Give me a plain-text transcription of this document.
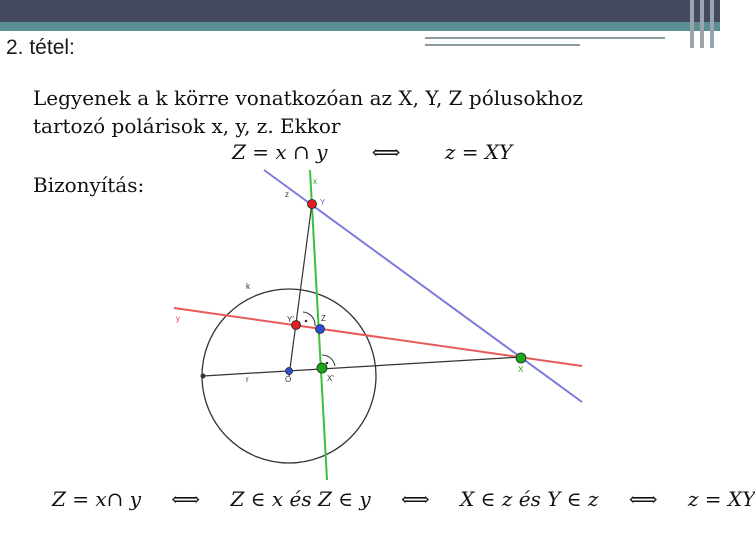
2. tétel:
Legyenek a k körre vonatkozóan az X, Y, Z pólusokhoz
tartozó polárisok x, y, z. Ekkor
Z = x ∩ y ⟺ z = XY
Bizonyítás:	x
z
Y
k
y	Y'	Z
r	O	X'
X
Z = x∩ y ⟺ Z ∈ x és Z ∈ y ⟺ X ∈ z és Y ∈ z ⟺ z = XY
